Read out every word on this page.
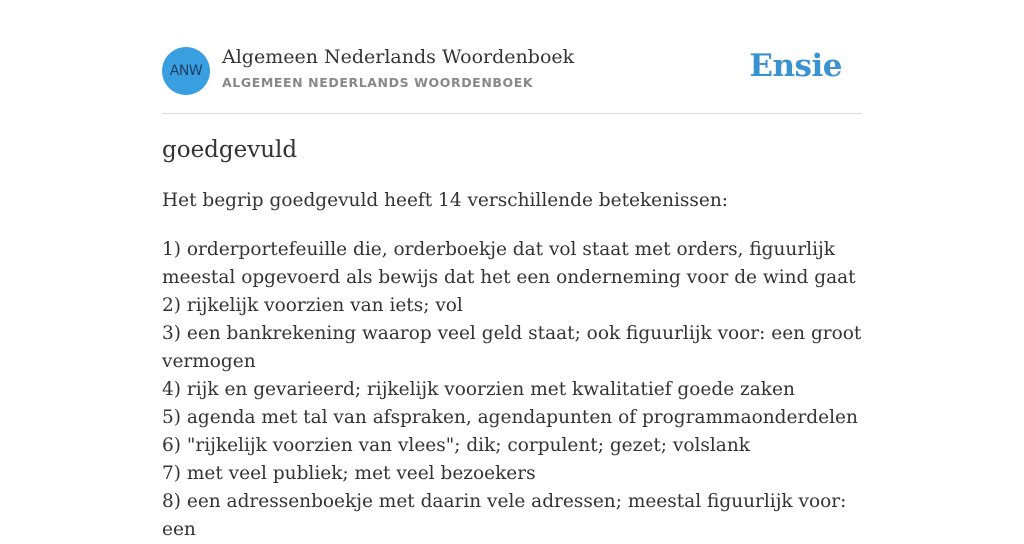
ANW
Algemeen Nederlands Woordenboek
ALGEMEEN NEDERLANDS WOORDENBOEK	Ensie
goedgevuld

Het begrip goedgevuld heeft 14 verschillende betekenissen:

1) orderportefeuille die, orderboekje dat vol staat met orders, figuurlijk meestal opgevoerd als bewijs dat het een onderneming voor de wind gaat
2) rijkelijk voorzien van iets; vol
3) een bankrekening waarop veel geld staat; ook figuurlijk voor: een groot vermogen
4) rijk en gevarieerd; rijkelijk voorzien met kwalitatief goede zaken
5) agenda met tal van afspraken, agendapunten of programmaonderdelen
6) "rijkelijk voorzien van vlees"; dik; corpulent; gezet; volslank
7) met veel publiek; met veel bezoekers
8) een adressenboekje met daarin vele adressen; meestal figuurlijk voor: een
